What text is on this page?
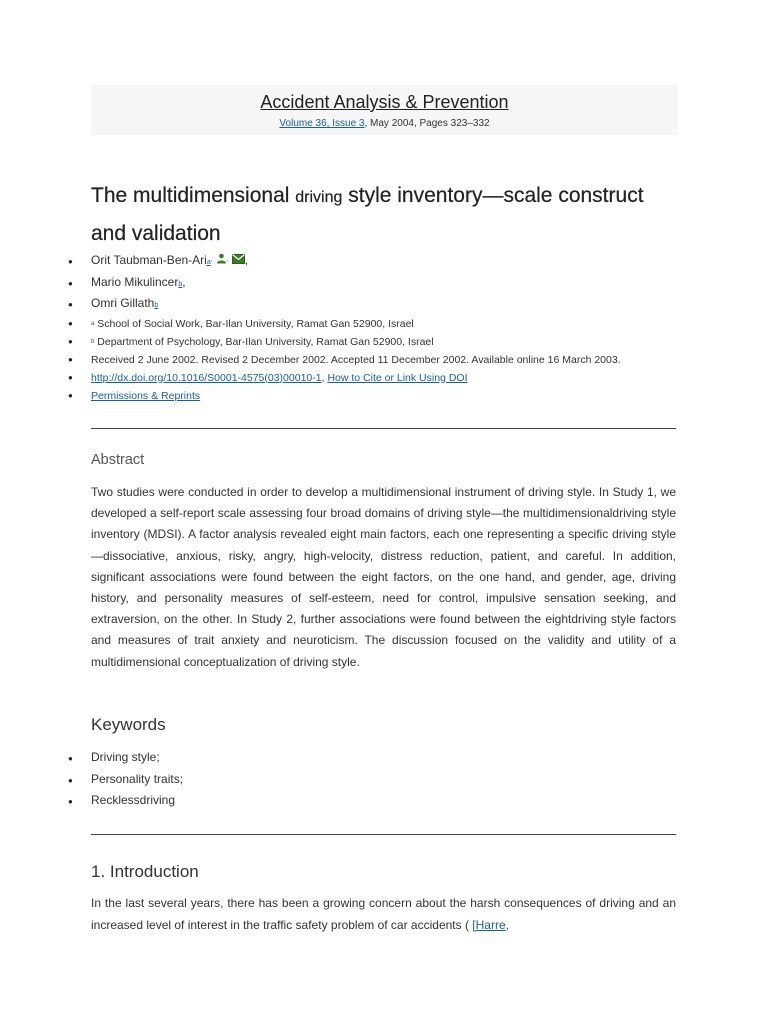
Accident Analysis & Prevention
Volume 36, Issue 3, May 2004, Pages 323–332
The multidimensional driving style inventory—scale construct and validation
● Orit Taubman-Ben-Aria, , ,
● Mario Mikulincerb,
● Omri Gillathb
●	a School of Social Work, Bar-Ilan University, Ramat Gan 52900, Israel
●	b Department of Psychology, Bar-Ilan University, Ramat Gan 52900, Israel
● Received 2 June 2002. Revised 2 December 2002. Accepted 11 December 2002. Available online 16 March 2003.
● http://dx.doi.org/10.1016/S0001-4575(03)00010-1, How to Cite or Link Using DOI
● Permissions & Reprints
Abstract
Two studies were conducted in order to develop a multidimensional instrument of driving style. In Study 1, we developed a self-report scale assessing four broad domains of driving style—the multidimensionaldriving style inventory (MDSI). A factor analysis revealed eight main factors, each one representing a specific driving style—dissociative, anxious, risky, angry, high-velocity, distress reduction, patient, and careful. In addition, significant associations were found between the eight factors, on the one hand, and gender, age, driving history, and personality measures of self-esteem, need for control, impulsive sensation seeking, and extraversion, on the other. In Study 2, further associations were found between the eightdriving style factors and measures of trait anxiety and neuroticism. The discussion focused on the validity and utility of a multidimensional conceptualization of driving style.
Keywords
● Driving style;
● Personality traits;
● Recklessdriving
1. Introduction
In the last several years, there has been a growing concern about the harsh consequences of driving and an increased level of interest in the traffic safety problem of car accidents ( [Harre,
